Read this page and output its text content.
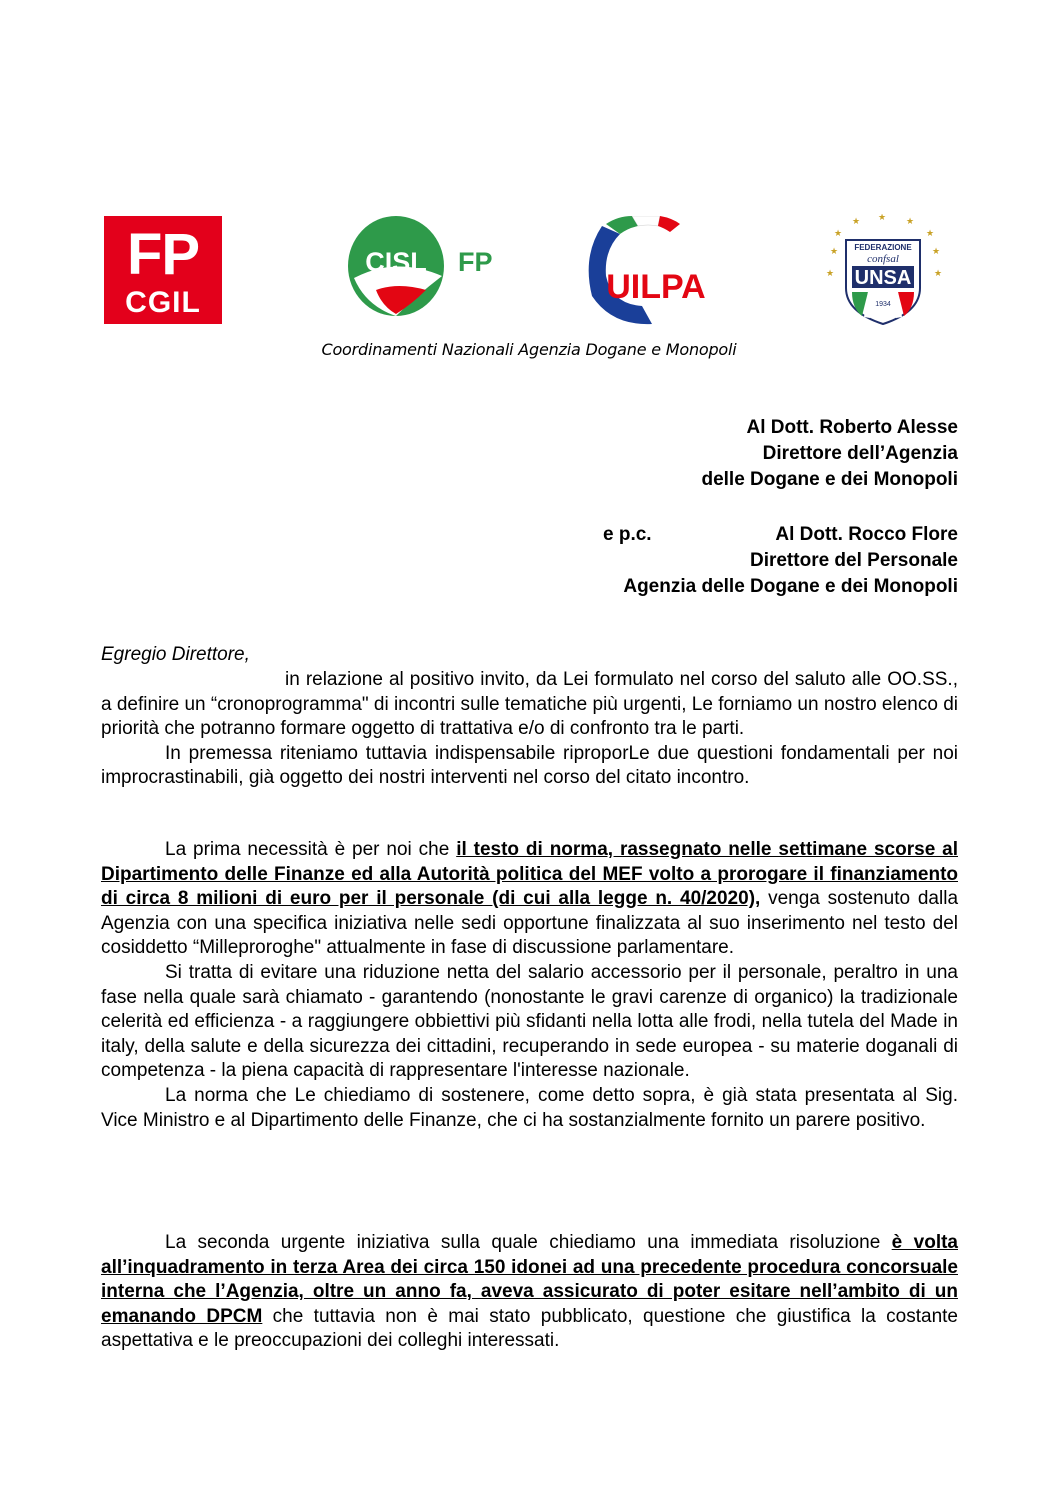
FP
CGIL
CISL FP
UILPA
★
★
★
★ ★ ★
★
★
★
FEDERAZIONE
confsal
UNSA
1934
Coordinamenti Nazionali Agenzia Dogane e Monopoli
Al Dott. Roberto Alesse
Direttore dell’Agenzia
delle Dogane e dei Monopoli
e p.c.	Al Dott. Rocco Flore
Direttore del Personale
Agenzia delle Dogane e dei Monopoli
Egregio Direttore,

in relazione al positivo invito, da Lei formulato nel corso del saluto alle OO.SS., a definire un “cronoprogramma" di incontri sulle tematiche più urgenti, Le forniamo un nostro elenco di priorità che potranno formare oggetto di trattativa e/o di confronto tra le parti.

In premessa riteniamo tuttavia indispensabile riproporLe due questioni fondamentali per noi improcrastinabili, già oggetto dei nostri interventi nel corso del citato incontro.

La prima necessità è per noi che il testo di norma, rassegnato nelle settimane scorse al Dipartimento delle Finanze ed alla Autorità politica del MEF volto a prorogare il finanziamento di circa 8 milioni di euro per il personale (di cui alla legge n. 40/2020), venga sostenuto dalla Agenzia con una specifica iniziativa nelle sedi opportune finalizzata al suo inserimento nel testo del cosiddetto “Milleproroghe" attualmente in fase di discussione parlamentare.

Si tratta di evitare una riduzione netta del salario accessorio per il personale, peraltro in una fase nella quale sarà chiamato - garantendo (nonostante le gravi carenze di organico) la tradizionale celerità ed efficienza - a raggiungere obbiettivi più sfidanti nella lotta alle frodi, nella tutela del Made in italy, della salute e della sicurezza dei cittadini, recuperando in sede europea - su materie doganali di competenza - la piena capacità di rappresentare l'interesse nazionale.

La norma che Le chiediamo di sostenere, come detto sopra, è già stata presentata al Sig. Vice Ministro e al Dipartimento delle Finanze, che ci ha sostanzialmente fornito un parere positivo.

La seconda urgente iniziativa sulla quale chiediamo una immediata risoluzione è volta all’inquadramento in terza Area dei circa 150 idonei ad una precedente procedura concorsuale interna che l’Agenzia, oltre un anno fa, aveva assicurato di poter esitare nell’ambito di un emanando DPCM che tuttavia non è mai stato pubblicato, questione che giustifica la costante aspettativa e le preoccupazioni dei colleghi interessati.
